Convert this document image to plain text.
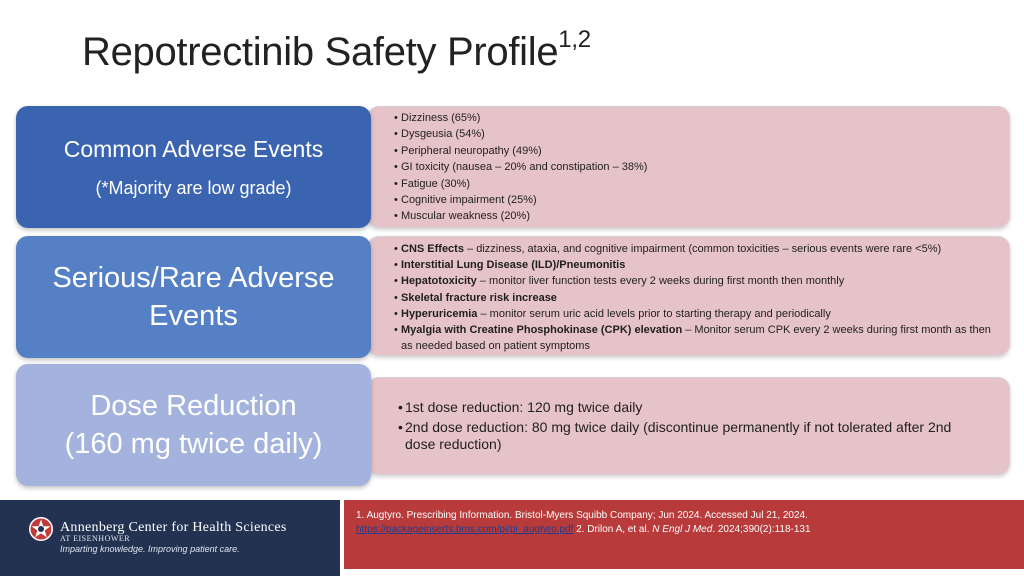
Repotrectinib Safety Profile$^{1,2}$
Common Adverse Events
(*Majority are low grade)
• Dizziness (65%)
• Dysgeusia (54%)
• Peripheral neuropathy (49%)
• GI toxicity (nausea – 20% and constipation – 38%)
• Fatigue (30%)
• Cognitive impairment (25%)
• Muscular weakness (20%)
Serious/Rare Adverse Events
• CNS Effects – dizziness, ataxia, and cognitive impairment (common toxicities – serious events were rare <5%)
• Interstitial Lung Disease (ILD)/Pneumonitis
• Hepatotoxicity – monitor liver function tests every 2 weeks during first month then monthly
• Skeletal fracture risk increase
• Hyperuricemia – monitor serum uric acid levels prior to starting therapy and periodically
• Myalgia with Creatine Phosphokinase (CPK) elevation – Monitor serum CPK every 2 weeks during first month as then as needed based on patient symptoms
Dose Reduction
(160 mg twice daily)
• 1st dose reduction: 120 mg twice daily
• 2nd dose reduction: 80 mg twice daily (discontinue permanently if not tolerated after 2nd dose reduction)
Annenberg Center for Health Sciences
AT EISENHOWER
Imparting knowledge. Improving patient care.
1. Augtyro. Prescribing Information. Bristol-Myers Squibb Company; Jun 2024. Accessed Jul 21, 2024.
https://packageinserts.bms.com/pi/pi_augtyro.pdf 2. Drilon A, et al. N Engl J Med. 2024;390(2):118-131
